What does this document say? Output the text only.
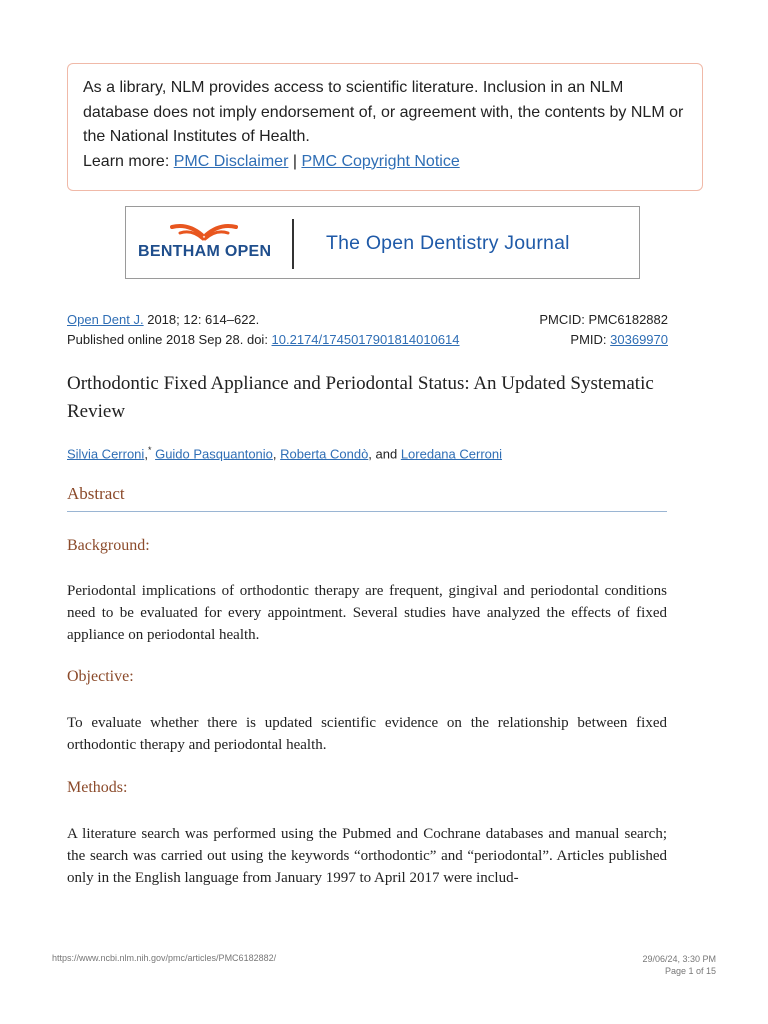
As a library, NLM provides access to scientific literature. Inclusion in an NLM database does not imply endorsement of, or agreement with, the contents by NLM or the National Institutes of Health.
Learn more: PMC Disclaimer | PMC Copyright Notice
BENTHAM OPEN	The Open Dentistry Journal
Open Dent J. 2018; 12: 614–622.
Published online 2018 Sep 28. doi: 10.2174/1745017901814010614
PMCID: PMC6182882
PMID: 30369970
Orthodontic Fixed Appliance and Periodontal Status: An Updated Systematic Review
Silvia Cerroni,* Guido Pasquantonio, Roberta Condò, and Loredana Cerroni
Abstract
Background:
Periodontal implications of orthodontic therapy are frequent, gingival and periodontal conditions need to be evaluated for every appointment. Several studies have analyzed the effects of fixed appliance on periodontal health.
Objective:
To evaluate whether there is updated scientific evidence on the relationship between fixed orthodontic therapy and periodontal health.
Methods:
A literature search was performed using the Pubmed and Cochrane databases and manual search; the search was carried out using the keywords “orthodontic” and “periodontal”. Articles published only in the English language from January 1997 to April 2017 were includ-
https://www.ncbi.nlm.nih.gov/pmc/articles/PMC6182882/	29/06/24, 3:30 PM
Page 1 of 15
